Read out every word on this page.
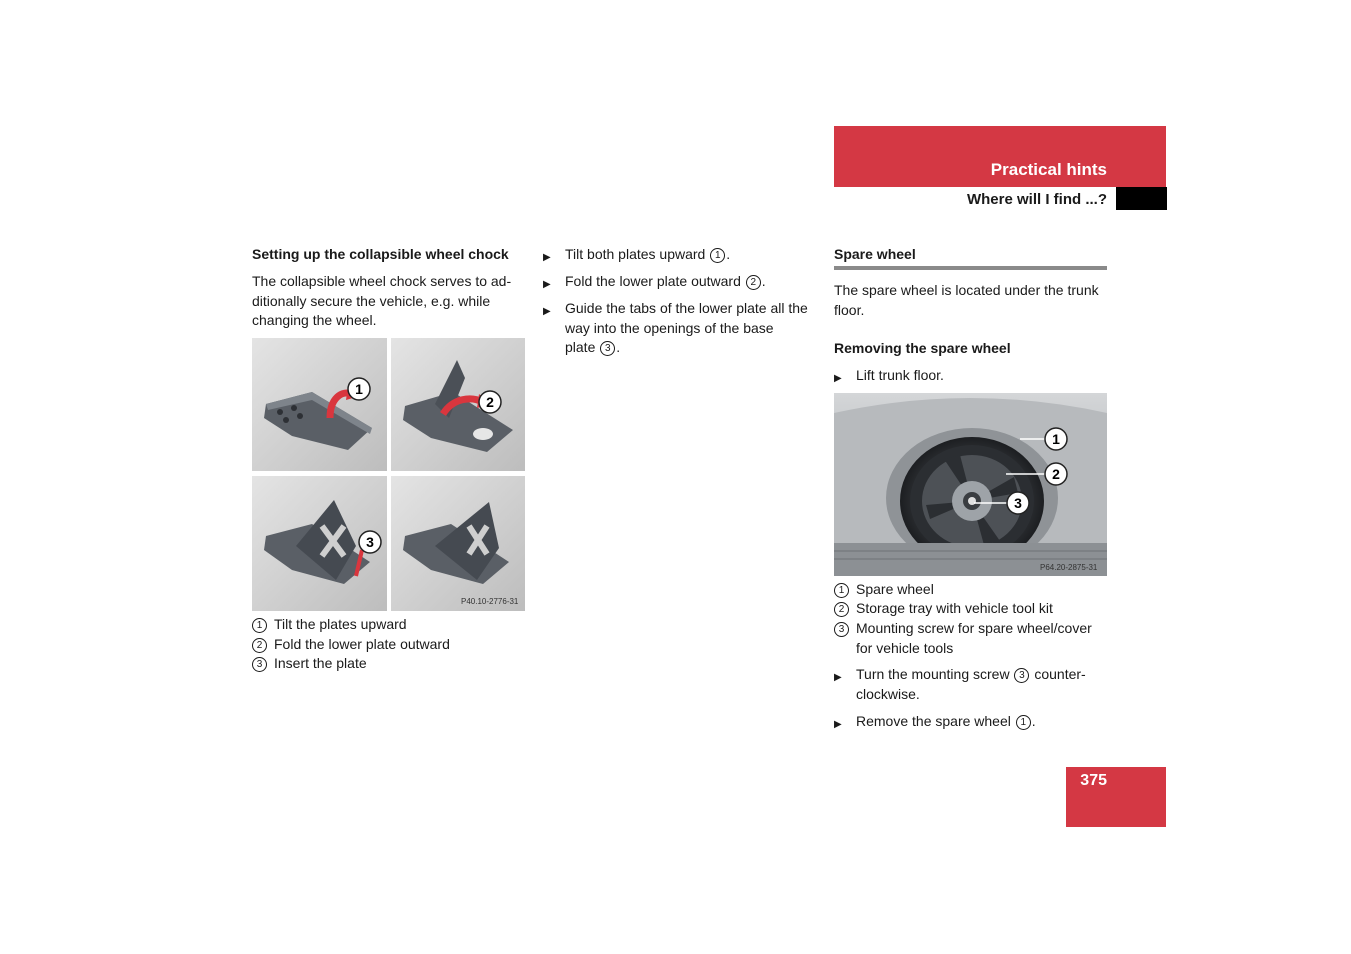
Practical hints
Where will I find ...?
Setting up the collapsible wheel chock

The collapsible wheel chock serves to ad-

ditionally secure the vehicle, e.g. while

changing the wheel.

1
2
3
P40.10-2776-31
1 Tilt the plates upward
2 Fold the lower plate outward
3 Insert the plate
▶ Tilt both plates upward 1 .
▶ Fold the lower plate outward 2 .
▶ Guide the tabs of the lower plate all the

way into the openings of the base

plate 3 .

Spare wheel

The spare wheel is located under the trunk

floor.

Removing the spare wheel
▶ Lift trunk floor.
1
2
3
P64.20-2875-31
1 Spare wheel
2 Storage tray with vehicle tool kit
3 Mounting screw for spare wheel/cover

for vehicle tools

▶ Turn the mounting screw 3 counter-

clockwise.

▶ Remove the spare wheel 1 .
375
